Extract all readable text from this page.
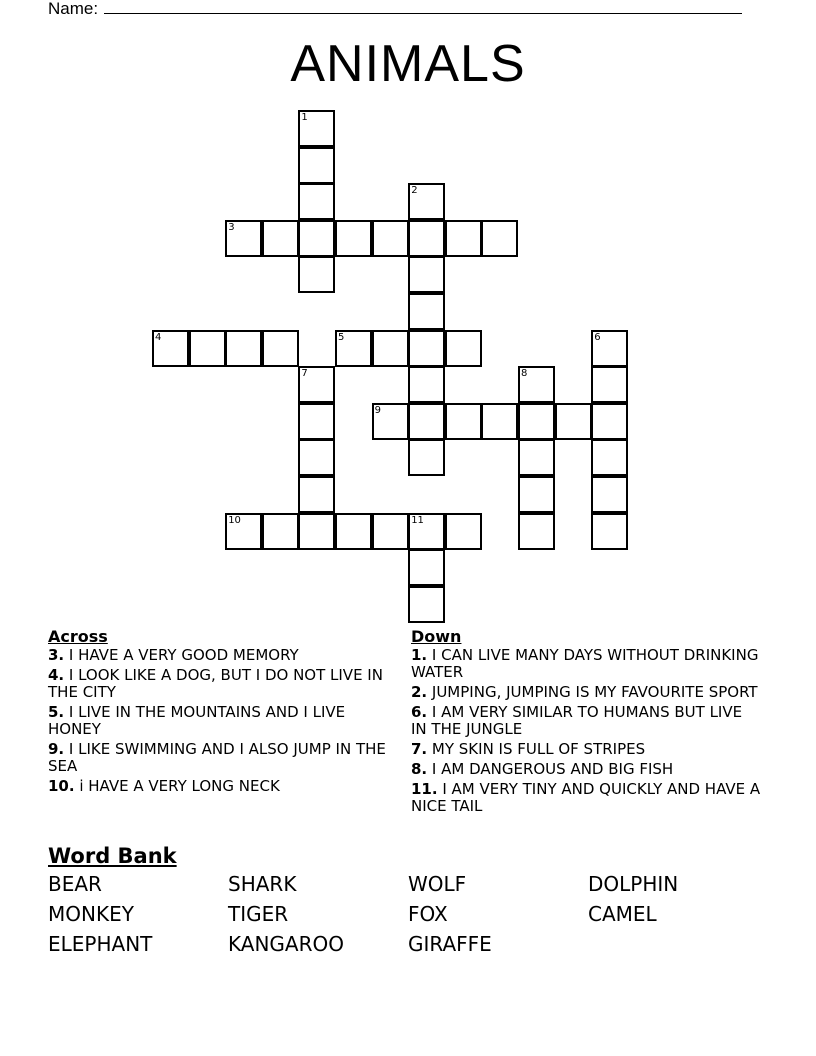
Name:
ANIMALS
1
2
3
4	5	6
7	8
9
10	11
Across
3. I HAVE A VERY GOOD MEMORY
4. I LOOK LIKE A DOG, BUT I DO NOT LIVE IN THE CITY
5. I LIVE IN THE MOUNTAINS AND I LIVE HONEY
9. I LIKE SWIMMING AND I ALSO JUMP IN THE SEA
10. i HAVE A VERY LONG NECK
Down
1. I CAN LIVE MANY DAYS WITHOUT DRINKING WATER
2. JUMPING, JUMPING IS MY FAVOURITE SPORT
6. I AM VERY SIMILAR TO HUMANS BUT LIVE IN THE JUNGLE
7. MY SKIN IS FULL OF STRIPES
8. I AM DANGEROUS AND BIG FISH
11. I AM VERY TINY AND QUICKLY AND HAVE A NICE TAIL
Word Bank
BEAR	SHARK	WOLF	DOLPHIN
MONKEY	TIGER	FOX	CAMEL
ELEPHANT	KANGAROO	GIRAFFE
